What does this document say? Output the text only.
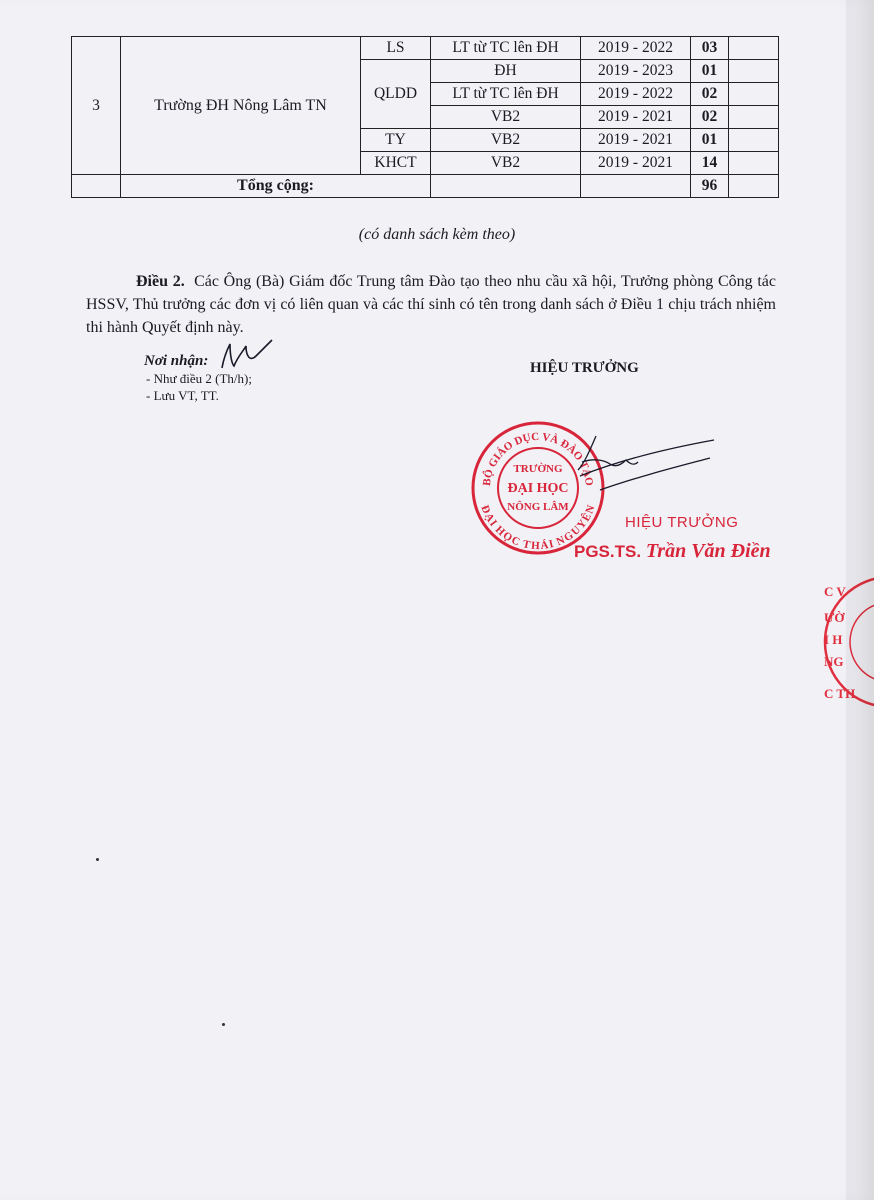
3	Trường ĐH Nông Lâm TN	LS	LT từ TC lên ĐH	2019 - 2022	03	
		QLDD	ĐH	2019 - 2023	01	
			LT từ TC lên ĐH	2019 - 2022	02	
			VB2	2019 - 2021	02	
		TY	VB2	2019 - 2021	01	
		KHCT	VB2	2019 - 2021	14	
	Tổng cộng:				96	
(có danh sách kèm theo)
Điều 2. Các Ông (Bà) Giám đốc Trung tâm Đào tạo theo nhu cầu xã hội, Trưởng phòng Công tác HSSV, Thủ trưởng các đơn vị có liên quan và các thí sinh có tên trong danh sách ở Điều 1 chịu trách nhiệm thi hành Quyết định này.
Nơi nhận:
- Như điều 2 (Th/h);
- Lưu VT, TT.
HIỆU TRƯỞNG
BỘ GIÁO DỤC VÀ ĐÀO TẠO
ĐẠI HỌC THÁI NGUYÊN
TRƯỜNG
ĐẠI HỌC
NÔNG LÂM
HIỆU TRƯỞNG
PGS.TS. Trần Văn Điền
C V
ƯỜ
I H
NG
C TH
